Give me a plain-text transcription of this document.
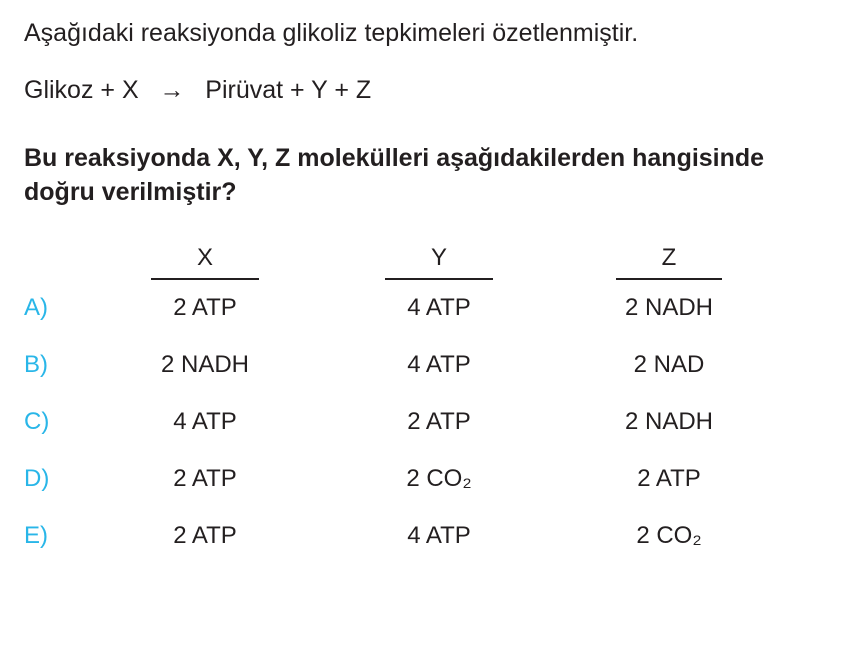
Aşağıdaki reaksiyonda glikoliz tepkimeleri özetlenmiştir.

Glikoz + X   →   Pirüvat + Y + Z

Bu reaksiyonda X, Y, Z molekülleri aşağıdakilerden hangisinde doğru verilmiştir?

	X	Y	Z
A)	2 ATP	4 ATP	2 NADH
B)	2 NADH	4 ATP	2 NAD
C)	4 ATP	2 ATP	2 NADH
D)	2 ATP	2 CO₂	2 ATP
E)	2 ATP	4 ATP	2 CO₂
